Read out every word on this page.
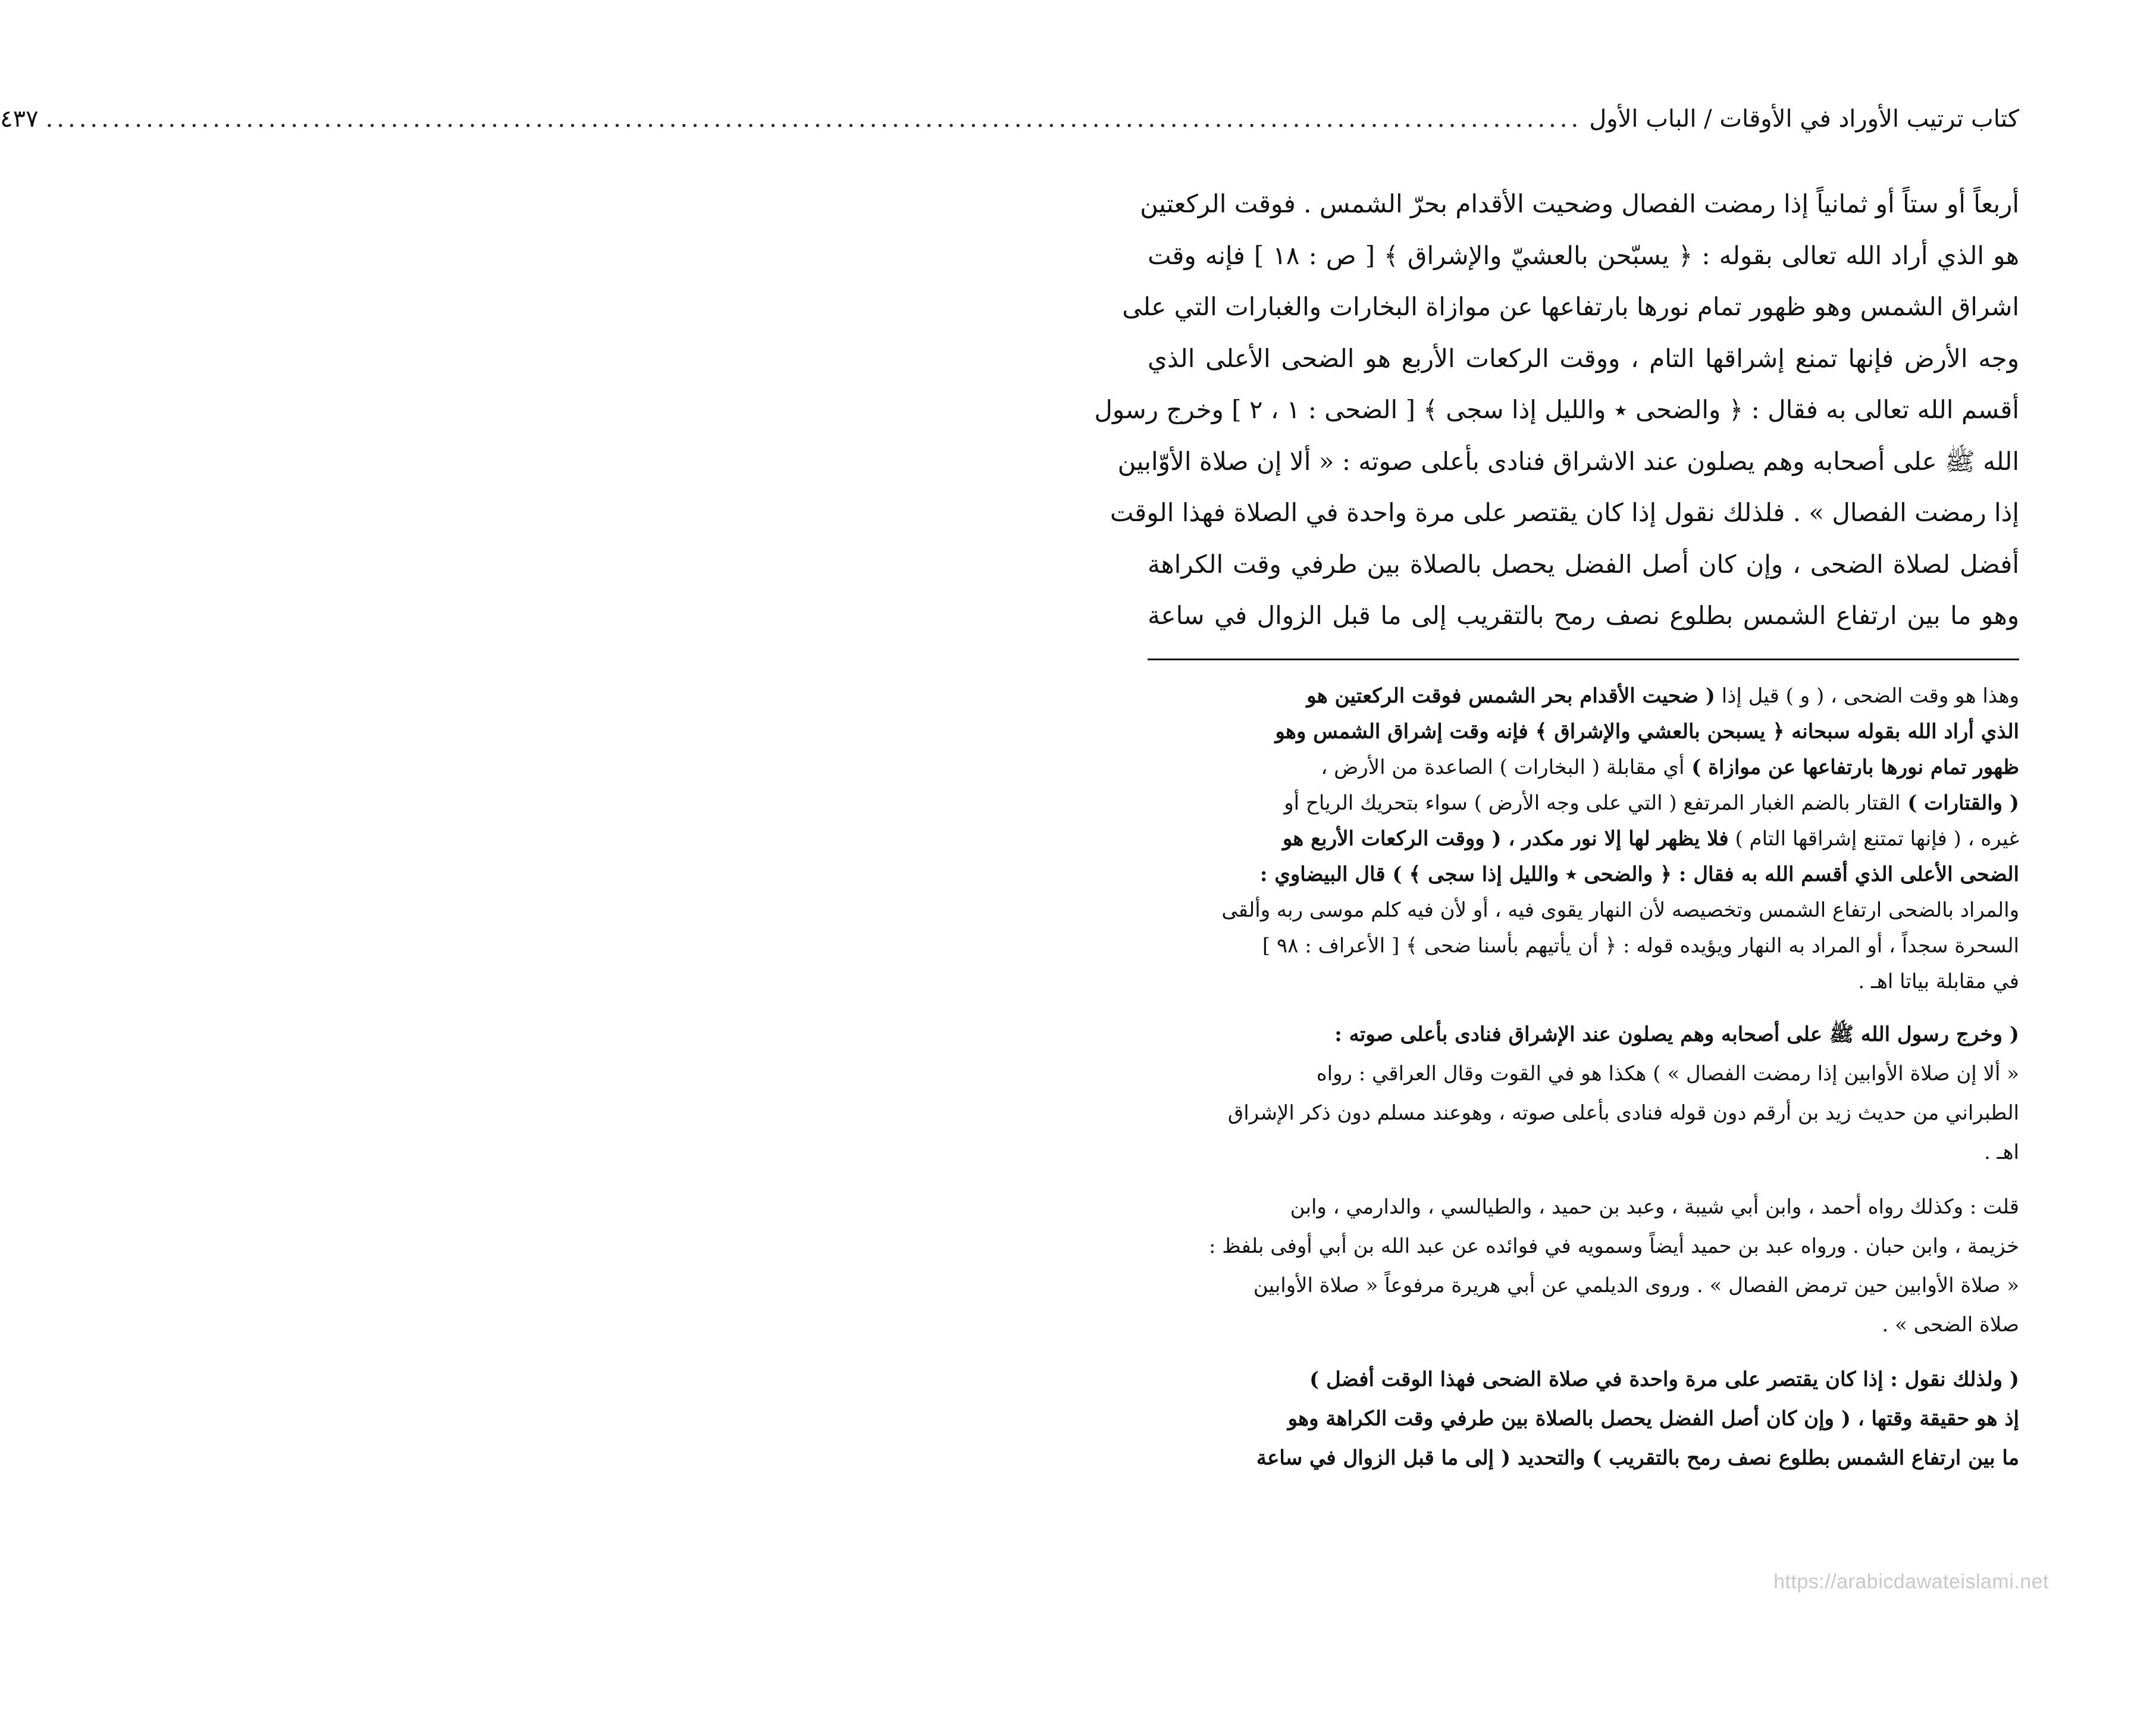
كتاب ترتيب الأوراد في الأوقات / الباب الأول
.....
٤٣٧
أربعاً أو ستاً أو ثمانياً إذا رمضت الفصال وضحيت الأقدام بحرّ الشمس . فوقت الركعتين
هو الذي أراد الله تعالى بقوله : ﴿ يسبّحن بالعشيّ والإشراق ﴾ [ ص : ١٨ ] فإنه وقت
اشراق الشمس وهو ظهور تمام نورها بارتفاعها عن موازاة البخارات والغبارات التي على
وجه الأرض فإنها تمنع إشراقها التام ، ووقت الركعات الأربع هو الضحى الأعلى الذي
أقسم الله تعالى به فقال : ﴿ والضحى ٭ والليل إذا سجى ﴾ [ الضحى : ١ ، ٢ ] وخرج رسول
الله ﷺ على أصحابه وهم يصلون عند الاشراق فنادى بأعلى صوته : « ألا إن صلاة الأوّابين
إذا رمضت الفصال » . فلذلك نقول إذا كان يقتصر على مرة واحدة في الصلاة فهذا الوقت
أفضل لصلاة الضحى ، وإن كان أصل الفضل يحصل بالصلاة بين طرفي وقت الكراهة
وهو ما بين ارتفاع الشمس بطلوع نصف رمح بالتقريب إلى ما قبل الزوال في ساعة
وهذا هو وقت الضحى ، ( و ) قيل إذا ( ضحيت الأقدام بحر الشمس فوقت الركعتين هو
الذي أراد الله بقوله سبحانه ﴿ يسبحن بالعشي والإشراق ﴾ فإنه وقت إشراق الشمس وهو
ظهور تمام نورها بارتفاعها عن موازاة ) أي مقابلة ( البخارات ) الصاعدة من الأرض ،
( والقتارات ) القتار بالضم الغبار المرتفع ( التي على وجه الأرض ) سواء بتحريك الرياح أو
غيره ، ( فإنها تمتنع إشراقها التام ) فلا يظهر لها إلا نور مكدر ، ( ووقت الركعات الأربع هو
الضحى الأعلى الذي أقسم الله به فقال : ﴿ والضحى ٭ والليل إذا سجى ﴾ ) قال البيضاوي :
والمراد بالضحى ارتفاع الشمس وتخصيصه لأن النهار يقوى فيه ، أو لأن فيه كلم موسى ربه وألقى
السحرة سجداً ، أو المراد به النهار ويؤيده قوله : ﴿ أن يأتيهم بأسنا ضحى ﴾ [ الأعراف : ٩٨ ]
في مقابلة بياتا اهـ .
( وخرج رسول الله ﷺ على أصحابه وهم يصلون عند الإشراق فنادى بأعلى صوته :
« ألا إن صلاة الأوابين إذا رمضت الفصال » ) هكذا هو في القوت وقال العراقي : رواه
الطبراني من حديث زيد بن أرقم دون قوله فنادى بأعلى صوته ، وهوعند مسلم دون ذكر الإشراق
اهـ .
قلت : وكذلك رواه أحمد ، وابن أبي شيبة ، وعبد بن حميد ، والطيالسي ، والدارمي ، وابن
خزيمة ، وابن حبان . ورواه عبد بن حميد أيضاً وسمويه في فوائده عن عبد الله بن أبي أوفى بلفظ :
« صلاة الأوابين حين ترمض الفصال » . وروى الديلمي عن أبي هريرة مرفوعاً « صلاة الأوابين
صلاة الضحى » .
( ولذلك نقول : إذا كان يقتصر على مرة واحدة في صلاة الضحى فهذا الوقت أفضل )
إذ هو حقيقة وقتها ، ( وإن كان أصل الفضل يحصل بالصلاة بين طرفي وقت الكراهة وهو
ما بين ارتفاع الشمس بطلوع نصف رمح بالتقريب ) والتحديد ( إلى ما قبل الزوال في ساعة
https://arabicdawateislami.net
